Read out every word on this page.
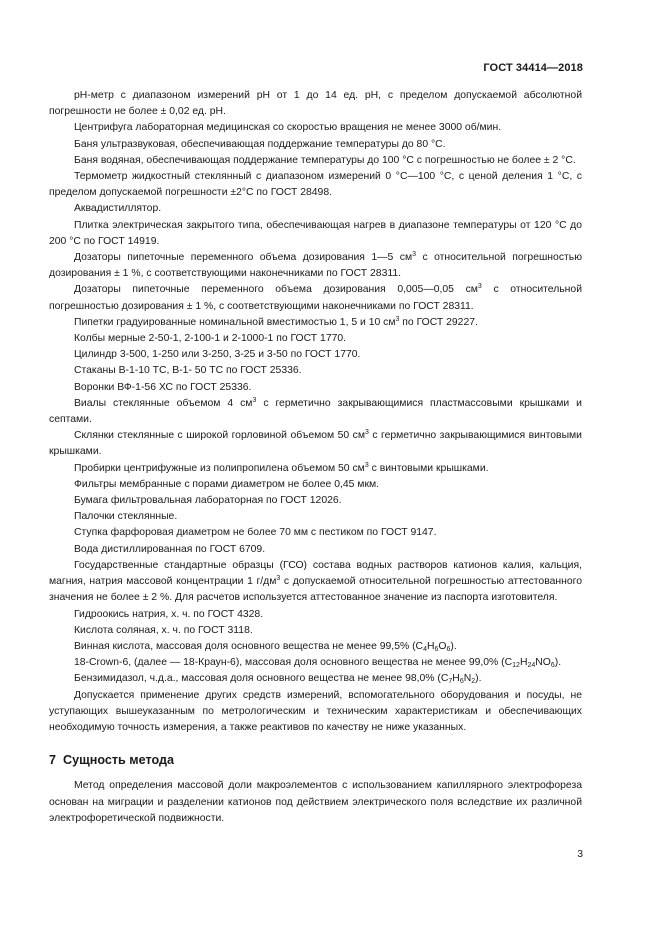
ГОСТ 34414—2018

pH-метр с диапазоном измерений pH от 1 до 14 ед. pH, с пределом допускаемой абсолютной погрешности не более ± 0,02 ед. pH.

Центрифуга лабораторная медицинская со скоростью вращения не менее 3000 об/мин.

Баня ультразвуковая, обеспечивающая поддержание температуры до 80 °С.

Баня водяная, обеспечивающая поддержание температуры до 100 °С с погрешностью не более ± 2 °С.

Термометр жидкостный стеклянный с диапазоном измерений 0 °С—100 °С, с ценой деления 1 °С, с пределом допускаемой погрешности ±2°С по ГОСТ 28498.

Аквадистиллятор.

Плитка электрическая закрытого типа, обеспечивающая нагрев в диапазоне температуры от 120 °С до 200 °С по ГОСТ 14919.

Дозаторы пипеточные переменного объема дозирования 1—5 $см^3$ с относительной погрешностью дозирования ± 1 %, с соответствующими наконечниками по ГОСТ 28311.

Дозаторы пипеточные переменного объема дозирования 0,005—0,05 $см^3$ с относительной погрешностью дозирования ± 1 %, с соответствующими наконечниками по ГОСТ 28311.

Пипетки градуированные номинальной вместимостью 1, 5 и 10 $см^3$ по ГОСТ 29227.

Колбы мерные 2-50-1, 2-100-1 и 2-1000-1 по ГОСТ 1770.

Цилиндр 3-500, 1-250 или 3-250, 3-25 и 3-50 по ГОСТ 1770.

Стаканы В-1-10 ТС, В-1- 50 ТС по ГОСТ 25336.

Воронки ВФ-1-56 ХС по ГОСТ 25336.

Виалы стеклянные объемом 4 $см^3$ с герметично закрывающимися пластмассовыми крышками и септами.

Склянки стеклянные с широкой горловиной объемом 50 $см^3$ с герметично закрывающимися винтовыми крышками.

Пробирки центрифужные из полипропилена объемом 50 $см^3$ с винтовыми крышками.

Фильтры мембранные с порами диаметром не более 0,45 мкм.

Бумага фильтровальная лабораторная по ГОСТ 12026.

Палочки стеклянные.

Ступка фарфоровая диаметром не более 70 мм с пестиком по ГОСТ 9147.

Вода дистиллированная по ГОСТ 6709.

Государственные стандартные образцы (ГСО) состава водных растворов катионов калия, кальция, магния, натрия массовой концентрации 1 $г/дм^3$ с допускаемой относительной погрешностью аттестованного значения не более ± 2 %. Для расчетов используется аттестованное значение из паспорта изготовителя.

Гидроокись натрия, х. ч. по ГОСТ 4328.

Кислота соляная, х. ч. по ГОСТ 3118.

Винная кислота, массовая доля основного вещества не менее 99,5% $(C_4H_6O_6)$.

18-Crown-6, (далее — 18-Краун-6), массовая доля основного вещества не менее 99,0% $(C_{12}H_{24}NO_6)$.

Бензимидазол, ч.д.а., массовая доля основного вещества не менее 98,0% $(C_7H_6N_2)$.

Допускается применение других средств измерений, вспомогательного оборудования и посуды, не уступающих вышеуказанным по метрологическим и техническим характеристикам и обеспечивающих необходимую точность измерения, а также реактивов по качеству не ниже указанных.

7 Сущность метода

Метод определения массовой доли макроэлементов с использованием капиллярного электрофореза основан на миграции и разделении катионов под действием электрического поля вследствие их различной электрофоретической подвижности.

3
